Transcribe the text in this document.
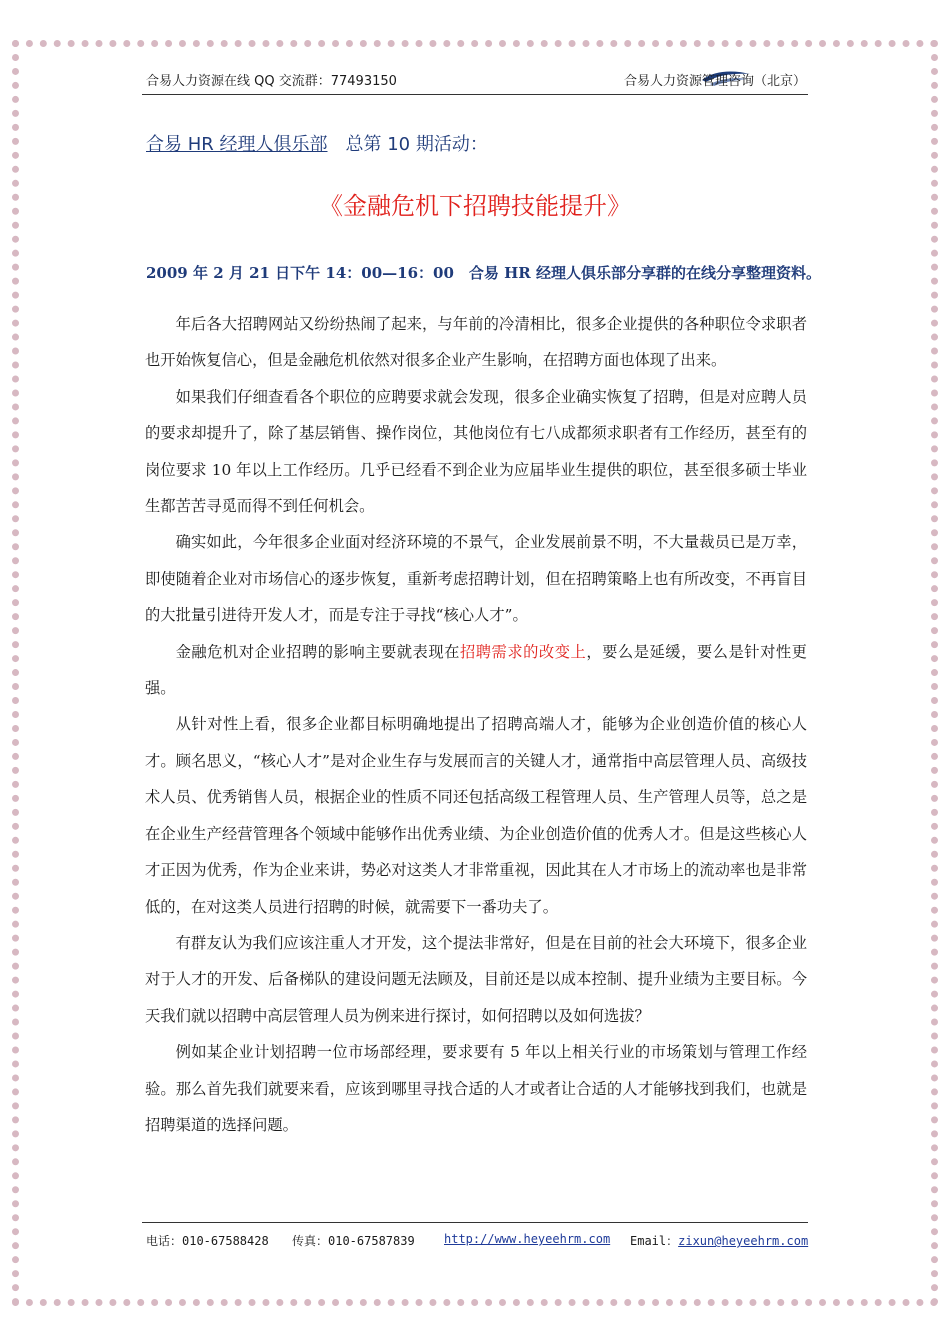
合易人力资源在线 QQ 交流群：77493150	合易人力资源管理咨询（北京）
合易 HR 经理人俱乐部 总第 10 期活动：
《金融危机下招聘技能提升》
2009 年 2 月 21 日下午 14：00—16：00　合易 HR 经理人俱乐部分享群的在线分享整理资料。

年后各大招聘网站又纷纷热闹了起来，与年前的冷清相比，很多企业提供的各种职位令求职者也开始恢复信心，但是金融危机依然对很多企业产生影响，在招聘方面也体现了出来。

如果我们仔细查看各个职位的应聘要求就会发现，很多企业确实恢复了招聘，但是对应聘人员的要求却提升了，除了基层销售、操作岗位，其他岗位有七八成都须求职者有工作经历，甚至有的岗位要求 10 年以上工作经历。几乎已经看不到企业为应届毕业生提供的职位，甚至很多硕士毕业生都苦苦寻觅而得不到任何机会。

确实如此，今年很多企业面对经济环境的不景气，企业发展前景不明，不大量裁员已是万幸，即使随着企业对市场信心的逐步恢复，重新考虑招聘计划，但在招聘策略上也有所改变，不再盲目的大批量引进待开发人才，而是专注于寻找“核心人才”。

金融危机对企业招聘的影响主要就表现在招聘需求的改变上，要么是延缓，要么是针对性更强。

从针对性上看，很多企业都目标明确地提出了招聘高端人才，能够为企业创造价值的核心人才。顾名思义，“核心人才”是对企业生存与发展而言的关键人才，通常指中高层管理人员、高级技术人员、优秀销售人员，根据企业的性质不同还包括高级工程管理人员、生产管理人员等，总之是在企业生产经营管理各个领域中能够作出优秀业绩、为企业创造价值的优秀人才。但是这些核心人才正因为优秀，作为企业来讲，势必对这类人才非常重视，因此其在人才市场上的流动率也是非常低的，在对这类人员进行招聘的时候，就需要下一番功夫了。

有群友认为我们应该注重人才开发，这个提法非常好，但是在目前的社会大环境下，很多企业对于人才的开发、后备梯队的建设问题无法顾及，目前还是以成本控制、提升业绩为主要目标。今天我们就以招聘中高层管理人员为例来进行探讨，如何招聘以及如何选拔？

例如某企业计划招聘一位市场部经理，要求要有 5 年以上相关行业的市场策划与管理工作经验。那么首先我们就要来看，应该到哪里寻找合适的人才或者让合适的人才能够找到我们，也就是招聘渠道的选择问题。

电话：010-67588428 传真：010-67587839 http://www.heyeehrm.com Email：zixun@heyeehrm.com
